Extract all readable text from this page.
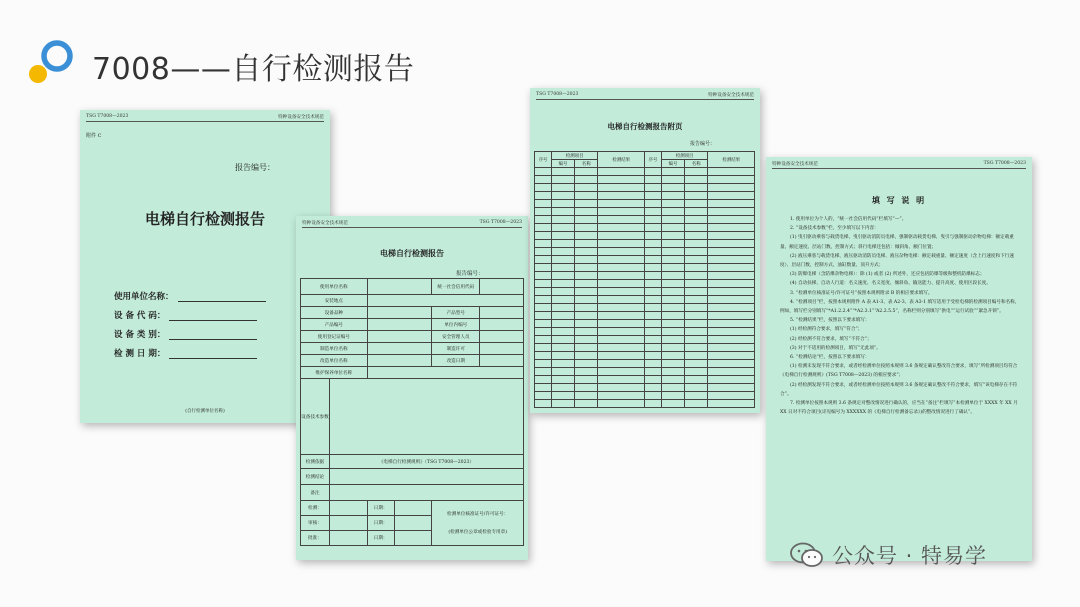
7008——自行检测报告
TSG T7008—2023	特种设备安全技术规范
附件 C
报告编号：
电梯自行检测报告
使用单位名称：
设 备 代 码：
设 备 类 别：
检 测 日 期：
(自行检测单位名称)
特种设备安全技术规范	TSG T7008—2023
电梯自行检测报告
报告编号：
使用单位名称				统一社会信用代码	
安装地点					
设备品种				产品型号	
产品编号				单位内编号	
使用登记证编号				安全管理人员	
制造单位名称				制造许可	
改造单位名称				改造日期	
维护保养单位名称					
设备技术参数					
检测依据	《电梯自行检测规则》（TSG T7008—2023）				
检测结论					
备注					
检测：		日期：		检测单位核准证号/许可证号：

(检测单位公章或检验专用章)	
审核：		日期：			
批准：		日期：			
TSG T7008—2023	特种设备安全技术规范
电梯自行检测报告附页
报告编号：
序号	检测项目		检测结果	序号	检测项目		检测结果
	编号	名称			编号	名称	

								特种设备安全技术规范	TSG T7008—2023
填 写 说 明

1. 使用单位为个人的，“统一社会信用代码”栏填写“—”。

2. “设备技术参数”栏，至少填写以下内容：

(1) 曳引驱动乘客与载货电梯、曳引驱动消防员电梯、强制驱动载货电梯、曳引与强制驱动杂物电梯：额定载重量、额定速度、层站门数、控制方式；斜行电梯还包括：倾斜角、额门位置；

(2) 液压乘客与载货电梯、液压驱动消防员电梯、液压杂物电梯：额定载重量、额定速度（含上行速度和下行速度）、层站门数、控制方式、油缸数量、顶升方式；

(3) 防爆电梯（含防爆杂物电梯）：除 (1) 或者 (2) 所述外，还应包括防爆等级和整机防爆标志；

(4) 自动扶梯、自动人行道：名义速度、名义宽度、倾斜角、输送能力、提升高度、使用区段长度。

3. “检测单位核准证号/许可证号”按照本规则附录 B 的相应要求填写。

4. “检测项目”栏，按照本规则附件 A 表 A1-3、表 A2-3、表 A3-1 填写适用于受检电梯的检测项目编号和名称，例如，填写栏分别填写“*A1.2.2.4”“*A2.3.1”“A2.2.5.5”，名称栏则分别填写“供电”“运行试验”“紧急开锁”。

5. “检测结果”栏，按照以下要求填写：

(1) 经检测符合要求，填写“符合”；

(2) 经检测不符合要求，填写“不符合”；

(3) 对于不适用的检测项目，填写“无此项”。

6. “检测结论”栏，按照以下要求填写：

(1) 检测未发现不符合要求，或者经检测单位按照本规则 3.6 条规定确认整改符合要求，填写“所检测项目均符合《电梯自行检测规则》(TSG T7008—2023) 的相应要求”；

(2) 经检测发现不符合要求，或者经检测单位按照本规则 3.6 条规定确认整改不符合要求，填写“该电梯存在不符合”。

7. 检测单位按照本规则 3.6 条规定对整改情况进行确认的，应当在“备注”栏填写“本检测单位于 XXXX 年 XX 月 XX 日对不符合项目(详见编号为 XXXXXX 的《电梯自行检测备忘录》)的整改情况进行了确认”。

公众号 · 特易学
